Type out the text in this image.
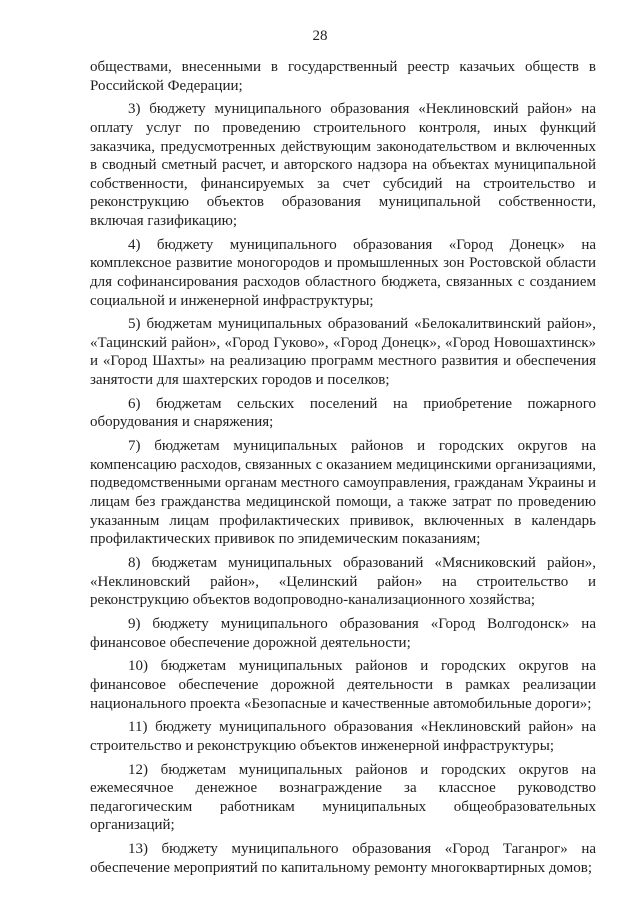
28

обществами, внесенными в государственный реестр казачьих обществ в Российской Федерации;

3) бюджету муниципального образования «Неклиновский район» на оплату услуг по проведению строительного контроля, иных функций заказчика, предусмотренных действующим законодательством и включенных в сводный сметный расчет, и авторского надзора на объектах муниципальной собственности, финансируемых за счет субсидий на строительство и реконструкцию объектов образования муниципальной собственности, включая газификацию;

4) бюджету муниципального образования «Город Донецк» на комплексное развитие моногородов и промышленных зон Ростовской области для софинансирования расходов областного бюджета, связанных с созданием социальной и инженерной инфраструктуры;

5) бюджетам муниципальных образований «Белокалитвинский район», «Тацинский район», «Город Гуково», «Город Донецк», «Город Новошахтинск» и «Город Шахты» на реализацию программ местного развития и обеспечения занятости для шахтерских городов и поселков;

6) бюджетам сельских поселений на приобретение пожарного оборудования и снаряжения;

7) бюджетам муниципальных районов и городских округов на компенсацию расходов, связанных с оказанием медицинскими организациями, подведомственными органам местного самоуправления, гражданам Украины и лицам без гражданства медицинской помощи, а также затрат по проведению указанным лицам профилактических прививок, включенных в календарь профилактических прививок по эпидемическим показаниям;

8) бюджетам муниципальных образований «Мясниковский район», «Неклиновский район», «Целинский район» на строительство и реконструкцию объектов водопроводно-канализационного хозяйства;

9) бюджету муниципального образования «Город Волгодонск» на финансовое обеспечение дорожной деятельности;

10) бюджетам муниципальных районов и городских округов на финансовое обеспечение дорожной деятельности в рамках реализации национального проекта «Безопасные и качественные автомобильные дороги»;

11) бюджету муниципального образования «Неклиновский район» на строительство и реконструкцию объектов инженерной инфраструктуры;

12) бюджетам муниципальных районов и городских округов на ежемесячное денежное вознаграждение за классное руководство педагогическим работникам муниципальных общеобразовательных организаций;

13) бюджету муниципального образования «Город Таганрог» на обеспечение мероприятий по капитальному ремонту многоквартирных домов;
